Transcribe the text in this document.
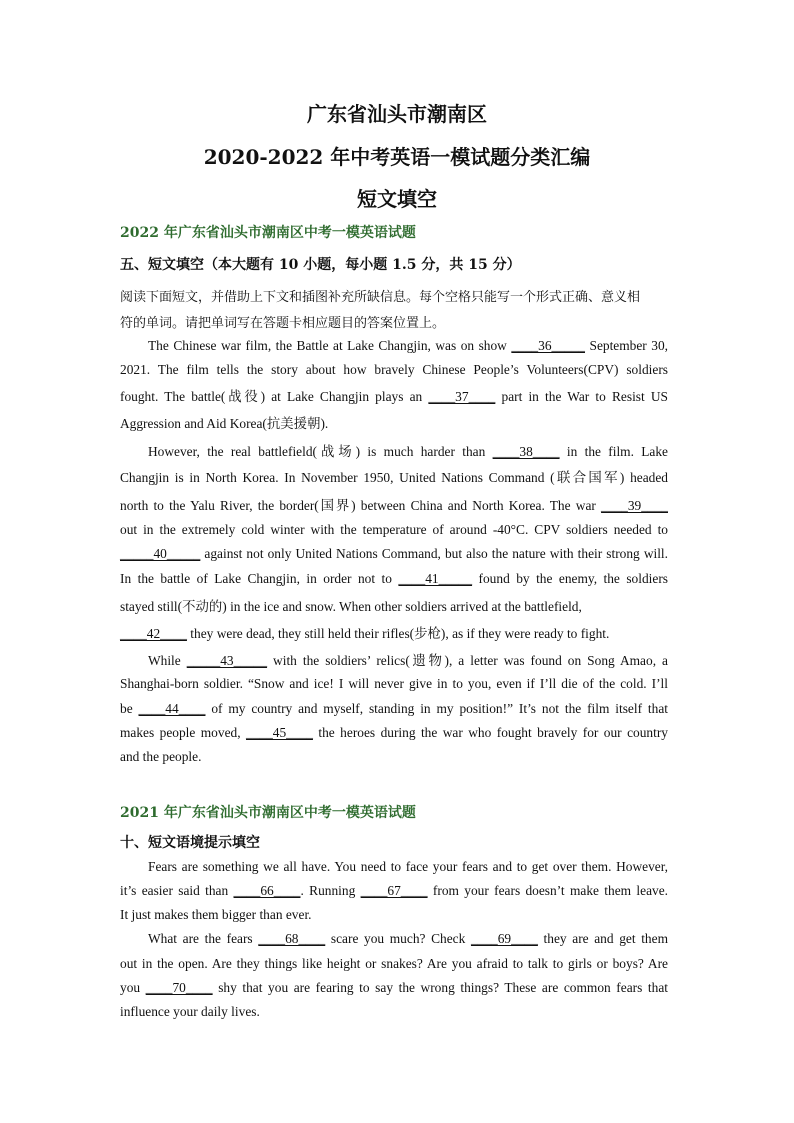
广东省汕头市潮南区
2020-2022 年中考英语一模试题分类汇编
短文填空
2022 年广东省汕头市潮南区中考一模英语试题
五、短文填空（本大题有 10 小题，每小题 1.5 分，共 15 分）
阅读下面短文，并借助上下文和插图补充所缺信息。每个空格只能写一个形式正确、意义相
符的单词。请把单词写在答题卡相应题目的答案位置上。
The Chinese war film, the Battle at Lake Changjin, was on show ____36_____ September 30,
2021. The film tells the story about how bravely Chinese People’s Volunteers(CPV) soldiers
fought. The battle(战役) at Lake Changjin plays an ____37____ part in the War to Resist US
Aggression and Aid Korea(抗美援朝).
However, the real battlefield(战场) is much harder than ____38____ in the film. Lake
Changjin is in North Korea. In November 1950, United Nations Command (联合国军) headed
north to the Yalu River, the border(国界) between China and North Korea. The war ____39____
out in the extremely cold winter with the temperature of around -40°C. CPV soldiers needed to
_____40_____ against not only United Nations Command, but also the nature with their strong will.
In the battle of Lake Changjin, in order not to ____41_____ found by the enemy, the soldiers
stayed still(不动的) in the ice and snow. When other soldiers arrived at the battlefield,
____42____ they were dead, they still held their rifles(步枪), as if they were ready to fight.
While _____43_____ with the soldiers’ relics(遗物), a letter was found on Song Amao, a
Shanghai-born soldier. “Snow and ice! I will never give in to you, even if I’ll die of the cold. I’ll
be ____44____ of my country and myself, standing in my position!” It’s not the film itself that
makes people moved, ____45____ the heroes during the war who fought bravely for our country
and the people.
2021 年广东省汕头市潮南区中考一模英语试题
十、短文语境提示填空
Fears are something we all have. You need to face your fears and to get over them. However,
it’s easier said than ____66____. Running ____67____ from your fears doesn’t make them leave.
It just makes them bigger than ever.
What are the fears ____68____ scare you much? Check ____69____ they are and get them
out in the open. Are they things like height or snakes? Are you afraid to talk to girls or boys? Are
you ____70____ shy that you are fearing to say the wrong things? These are common fears that
influence your daily lives.
